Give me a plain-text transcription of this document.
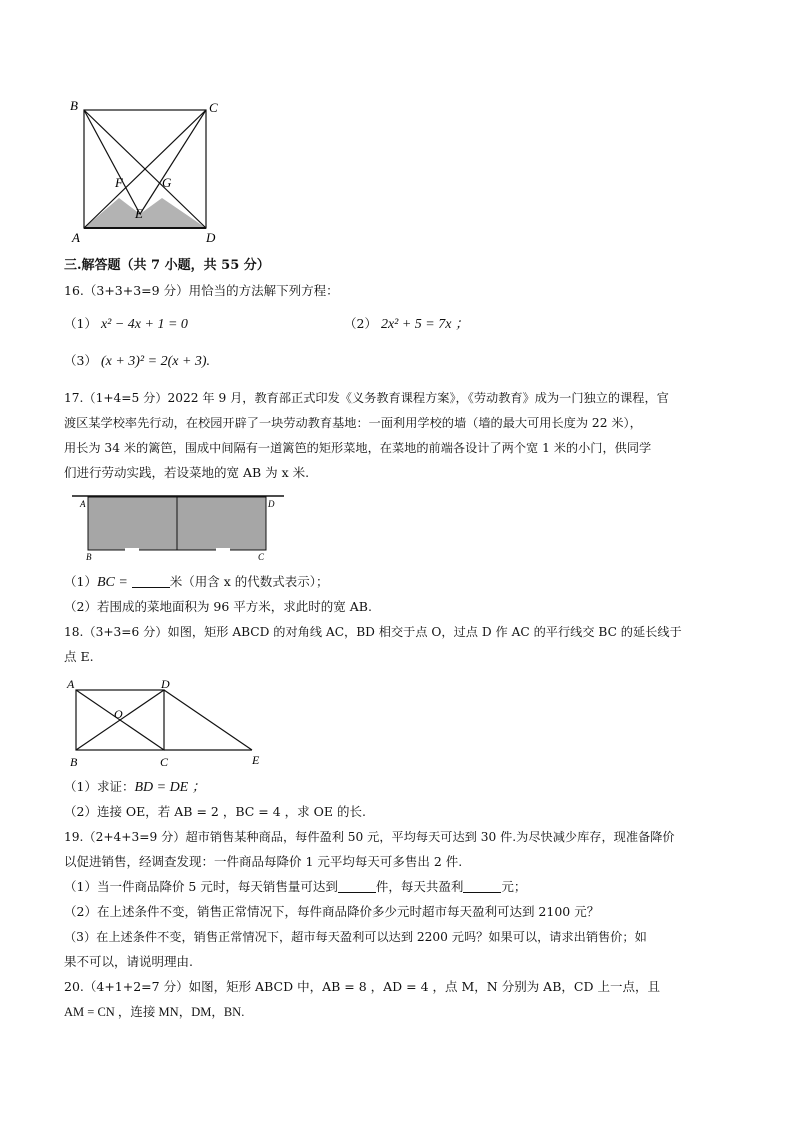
B	C
A	D
F	G
E
三.解答题（共 7 小题，共 55 分）
16.（3+3+3=9 分）用恰当的方法解下列方程：
（1） x² − 4x + 1 = 0	（2） 2x² + 5 = 7x ；
（3） (x + 3)² = 2(x + 3).
17.（1+4=5 分）2022 年 9 月，教育部正式印发《义务教育课程方案》，《劳动教育》成为一门独立的课程，官
渡区某学校率先行动，在校园开辟了一块劳动教育基地：一面利用学校的墙（墙的最大可用长度为 22 米），
用长为 34 米的篱笆，围成中间隔有一道篱笆的矩形菜地，在菜地的前端各设计了两个宽 1 米的小门，供同学
们进行劳动实践，若设菜地的宽 AB 为 x 米.
A	D
B	C
（1）BC =	米（用含 x 的代数式表示）；
（2）若围成的菜地面积为 96 平方米，求此时的宽 AB.
18.（3+3=6 分）如图，矩形 ABCD 的对角线 AC，BD 相交于点 O，过点 D 作 AC 的平行线交 BC 的延长线于
点 E.
A	D
O
B	C	E
（1）求证：BD = DE ；
（2）连接 OE，若 AB = 2 ，BC = 4 ，求 OE 的长.
19.（2+4+3=9 分）超市销售某种商品，每件盈利 50 元，平均每天可达到 30 件.为尽快减少库存，现准备降价
以促进销售，经调查发现：一件商品每降价 1 元平均每天可多售出 2 件.
（1）当一件商品降价 5 元时，每天销售量可达到	件，每天共盈利	元；
（2）在上述条件不变，销售正常情况下，每件商品降价多少元时超市每天盈利可达到 2100 元？
（3）在上述条件不变，销售正常情况下，超市每天盈利可以达到 2200 元吗？如果可以，请求出销售价；如
果不可以，请说明理由.
20.（4+1+2=7 分）如图，矩形 ABCD 中，AB = 8 ，AD = 4 ，点 M，N 分别为 AB，CD 上一点，且
AM = CN ，连接 MN，DM，BN.
